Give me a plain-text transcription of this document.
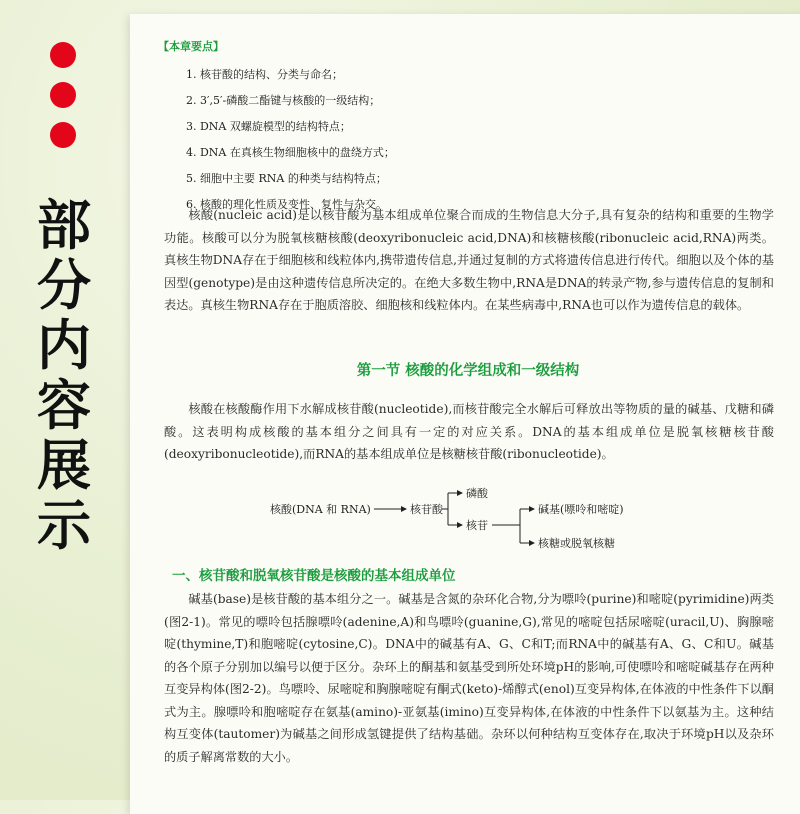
部
分
内
容
展
示
【本章要点】
1. 核苷酸的结构、分类与命名；
2. 3′,5′-磷酸二酯键与核酸的一级结构；
3. DNA 双螺旋模型的结构特点；
4. DNA 在真核生物细胞核中的盘绕方式；
5. 细胞中主要 RNA 的种类与结构特点；
6. 核酸的理化性质及变性、复性与杂交。

核酸(nucleic acid)是以核苷酸为基本组成单位聚合而成的生物信息大分子,具有复杂的结构和重要的生物学功能。核酸可以分为脱氧核糖核酸(deoxyribonucleic acid,DNA)和核糖核酸(ribonucleic acid,RNA)两类。真核生物DNA存在于细胞核和线粒体内,携带遗传信息,并通过复制的方式将遗传信息进行传代。细胞以及个体的基因型(genotype)是由这种遗传信息所决定的。在绝大多数生物中,RNA是DNA的转录产物,参与遗传信息的复制和表达。真核生物RNA存在于胞质溶胶、细胞核和线粒体内。在某些病毒中,RNA也可以作为遗传信息的载体。

第一节 核酸的化学组成和一级结构

核酸在核酸酶作用下水解成核苷酸(nucleotide),而核苷酸完全水解后可释放出等物质的量的碱基、戊糖和磷酸。这表明构成核酸的基本组分之间具有一定的对应关系。DNA的基本组成单位是脱氧核糖核苷酸(deoxyribonucleotide),而RNA的基本组成单位是核糖核苷酸(ribonucleotide)。

核酸(DNA 和 RNA)	核苷酸
磷酸
核苷
碱基(嘌呤和嘧啶)
核糖或脱氧核糖
一、核苷酸和脱氧核苷酸是核酸的基本组成单位

碱基(base)是核苷酸的基本组分之一。碱基是含氮的杂环化合物,分为嘌呤(purine)和嘧啶(pyrimidine)两类(图2-1)。常见的嘌呤包括腺嘌呤(adenine,A)和鸟嘌呤(guanine,G),常见的嘧啶包括尿嘧啶(uracil,U)、胸腺嘧啶(thymine,T)和胞嘧啶(cytosine,C)。DNA中的碱基有A、G、C和T;而RNA中的碱基有A、G、C和U。碱基的各个原子分别加以编号以便于区分。杂环上的酮基和氨基受到所处环境pH的影响,可使嘌呤和嘧啶碱基存在两种互变异构体(图2-2)。鸟嘌呤、尿嘧啶和胸腺嘧啶有酮式(keto)-烯醇式(enol)互变异构体,在体液的中性条件下以酮式为主。腺嘌呤和胞嘧啶存在氨基(amino)-亚氨基(imino)互变异构体,在体液的中性条件下以氨基为主。这种结构互变体(tautomer)为碱基之间形成氢键提供了结构基础。杂环以何种结构互变体存在,取决于环境pH以及杂环的质子解离常数的大小。
